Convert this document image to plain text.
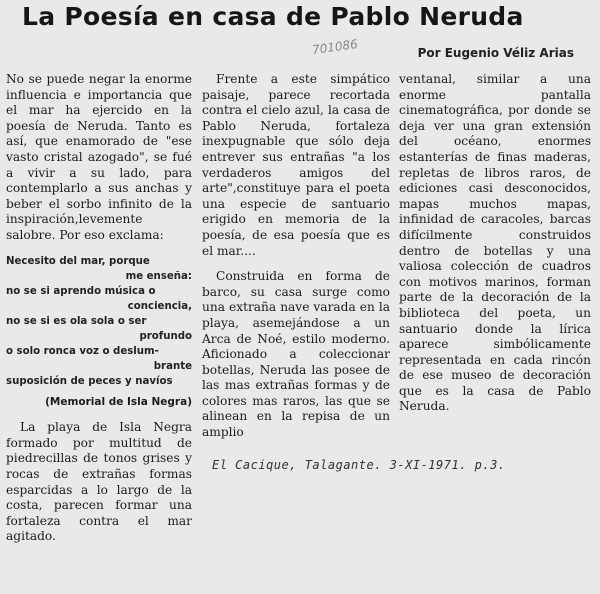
La Poesía en casa de Pablo Neruda
701086	Por Eugenio Véliz Arias

No se puede negar la enorme influencia e importancia que el mar ha ejercido en la poesía de Neruda. Tanto es así, que enamorado de "ese vasto cristal azogado", se fué a vivir a su lado, para contemplarlo a sus anchas y beber el sorbo infinito de la inspiración,levemente salobre. Por eso exclama:

Necesito del mar, porque
me enseña:
no se si aprendo música o
conciencia,
no se si es ola sola o ser
profundo
o solo ronca voz o deslum-
brante
suposición de peces y navíos
(Memorial de Isla Negra)

La playa de Isla Negra formado por multitud de piedrecillas de tonos grises y rocas de extrañas formas esparcidas a lo largo de la costa, parecen formar una fortaleza contra el mar agitado.

Frente a este simpático paisaje, parece recortada contra el cielo azul, la casa de Pablo Neruda, fortaleza inexpugnable que sólo deja entrever sus entrañas "a los verdaderos amigos del arte",constituye para el poeta una especie de santuario erigido en memoria de la poesía, de esa poesía que es el mar....

Construida en forma de barco, su casa surge como una extraña nave varada en la playa, asemejándose a un Arca de Noé, estilo moderno. Aficionado a coleccionar botellas, Neruda las posee de las mas extrañas formas y de colores mas raros, las que se alinean en la repisa de un amplio

ventanal, similar a una enorme pantalla cinematográfica, por donde se deja ver una gran extensión del océano, enormes estanterías de finas maderas, repletas de libros raros, de ediciones casi desconocidos, mapas muchos mapas, infinidad de caracoles, barcas difícilmente construidos dentro de botellas y una valiosa colección de cuadros con motivos marinos, forman parte de la decoración de la biblioteca del poeta, un santuario donde la lírica aparece simbólicamente representada en cada rincón de ese museo de decoración que es la casa de Pablo Neruda.

El Cacique, Talagante. 3-XI-1971. p.3.
